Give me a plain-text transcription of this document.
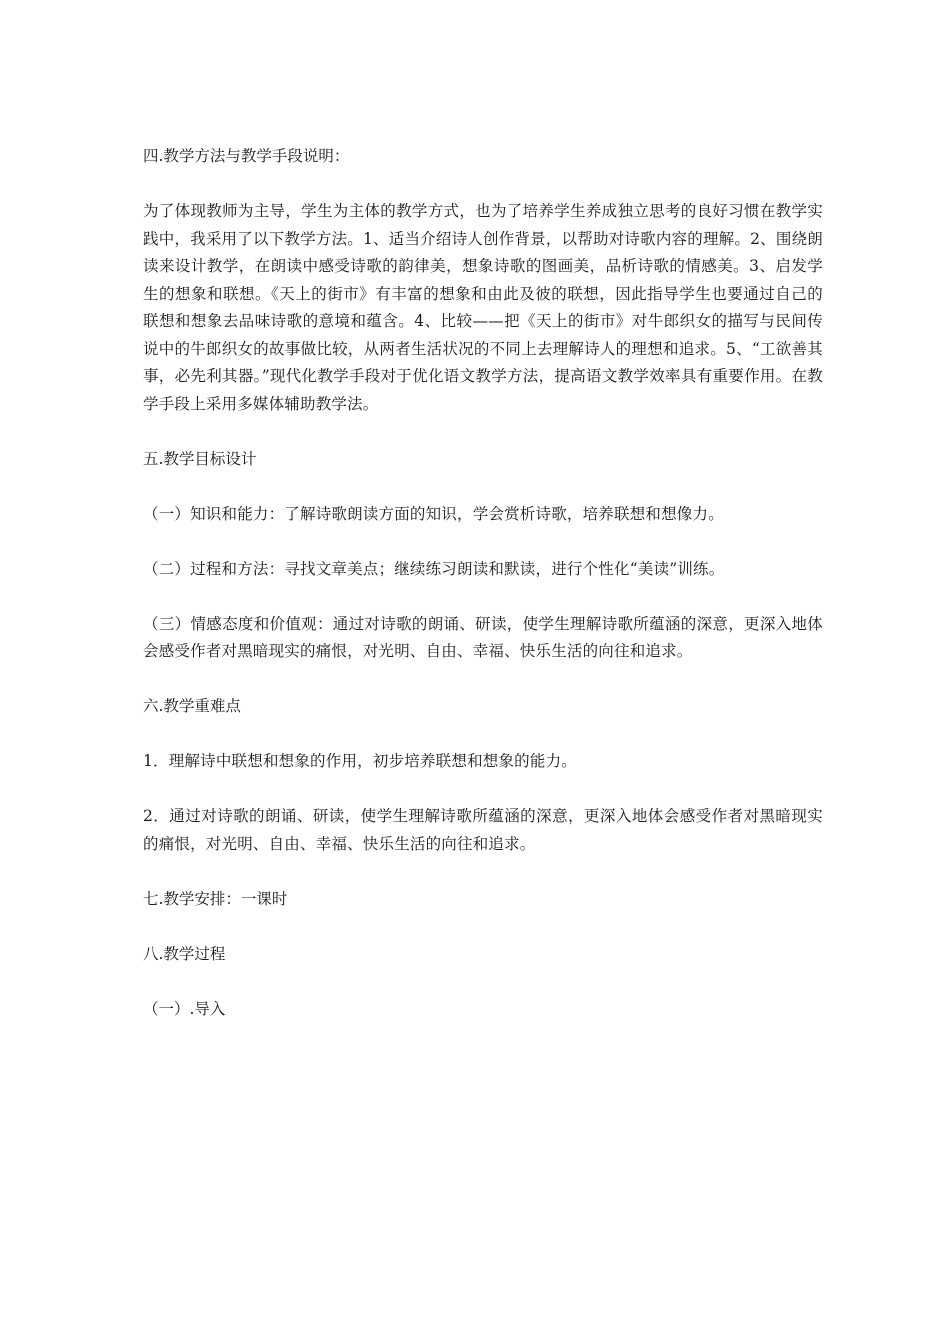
四.教学方法与教学手段说明：
为了体现教师为主导，学生为主体的教学方式，也为了培养学生养成独立思考的良好习惯在教学实践中，我采用了以下教学方法。1、适当介绍诗人创作背景，以帮助对诗歌内容的理解。2、围绕朗读来设计教学，在朗读中感受诗歌的韵律美，想象诗歌的图画美，品析诗歌的情感美。3、启发学生的想象和联想。《天上的街市》有丰富的想象和由此及彼的联想，因此指导学生也要通过自己的联想和想象去品味诗歌的意境和蕴含。4、比较——把《天上的街市》对牛郎织女的描写与民间传说中的牛郎织女的故事做比较，从两者生活状况的不同上去理解诗人的理想和追求。5、“工欲善其事，必先利其器。”现代化教学手段对于优化语文教学方法，提高语文教学效率具有重要作用。在教学手段上采用多媒体辅助教学法。
五.教学目标设计
（一）知识和能力：了解诗歌朗读方面的知识，学会赏析诗歌，培养联想和想像力。
（二）过程和方法：寻找文章美点；继续练习朗读和默读，进行个性化“美读”训练。
（三）情感态度和价值观：通过对诗歌的朗诵、研读，使学生理解诗歌所蕴涵的深意，更深入地体会感受作者对黑暗现实的痛恨，对光明、自由、幸福、快乐生活的向往和追求。
六.教学重难点
1．理解诗中联想和想象的作用，初步培养联想和想象的能力。
2．通过对诗歌的朗诵、研读，使学生理解诗歌所蕴涵的深意，更深入地体会感受作者对黑暗现实的痛恨，对光明、自由、幸福、快乐生活的向往和追求。
七.教学安排：一课时
八.教学过程
（一）.导入
